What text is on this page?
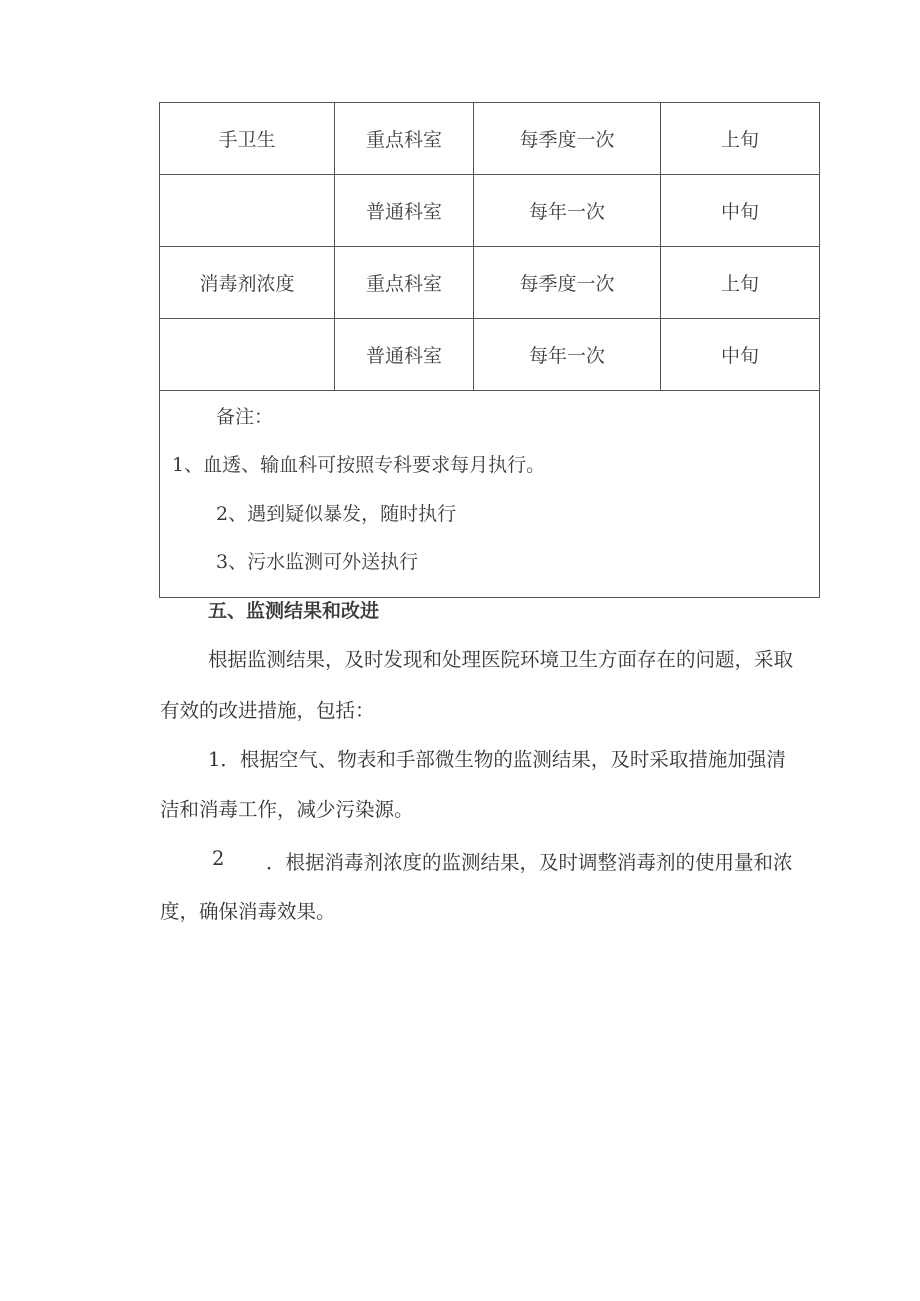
手卫生	重点科室	每季度一次	上旬
	普通科室	每年一次	中旬
消毒剂浓度	重点科室	每季度一次	上旬
	普通科室	每年一次	中旬

备注：
1、血透、输血科可按照专科要求每月执行。
2、遇到疑似暴发，随时执行
3、污水监测可外送执行			
五、监测结果和改进
根据监测结果，及时发现和处理医院环境卫生方面存在的问题，采取
有效的改进措施，包括：
1．根据空气、物表和手部微生物的监测结果，及时采取措施加强清
洁和消毒工作，减少污染源。
2 ．根据消毒剂浓度的监测结果，及时调整消毒剂的使用量和浓
度，确保消毒效果。
